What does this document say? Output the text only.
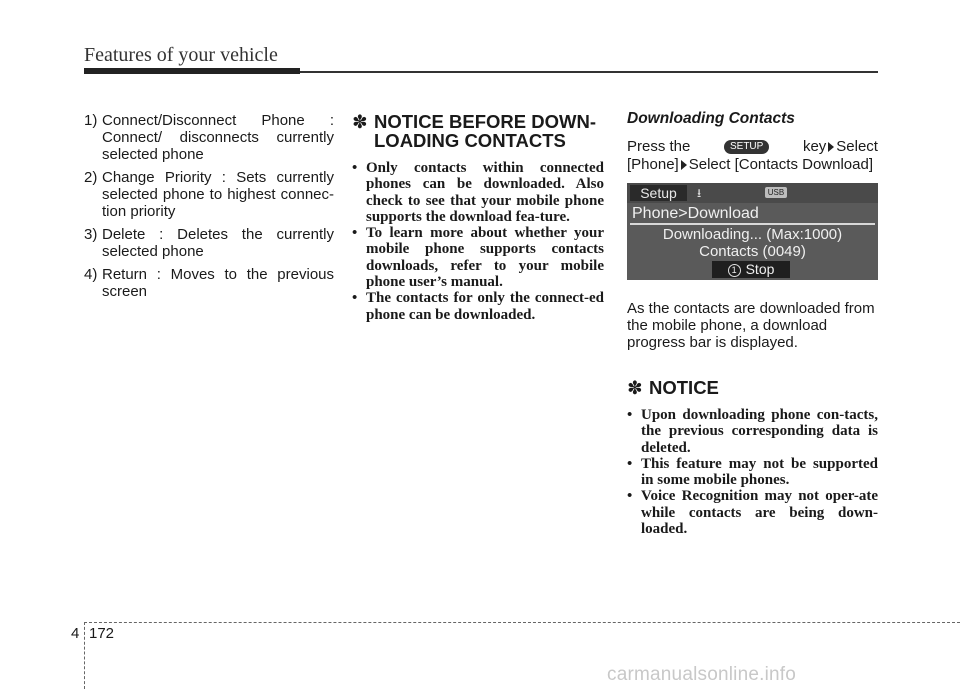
Features of your vehicle
1) Connect/Disconnect Phone : Connect/ disconnects currently selected phone
2) Change Priority : Sets currently selected phone to highest connec-tion priority
3) Delete : Deletes the currently selected phone
4) Return : Moves to the previous screen
✽ NOTICE BEFORE DOWN-LOADING CONTACTS
• Only contacts within connected phones can be downloaded. Also check to see that your mobile phone supports the download fea-ture.
• To learn more about whether your mobile phone supports contacts downloads, refer to your mobile phone user’s manual.
• The contacts for only the connect-ed phone can be downloaded.
Downloading Contacts
Press the	SETUP	key Select
[Phone] Select [Contacts Download]
Setup	⭳	USB
Phone>Download
Downloading... (Max:1000)
Contacts (0049)
1 Stop
As the contacts are downloaded from the mobile phone, a download progress bar is displayed.
✽ NOTICE
• Upon downloading phone con-tacts, the previous corresponding data is deleted.
• This feature may not be supported in some mobile phones.
• Voice Recognition may not oper-ate while contacts are being down-loaded.
4 172
carmanualsonline.info
